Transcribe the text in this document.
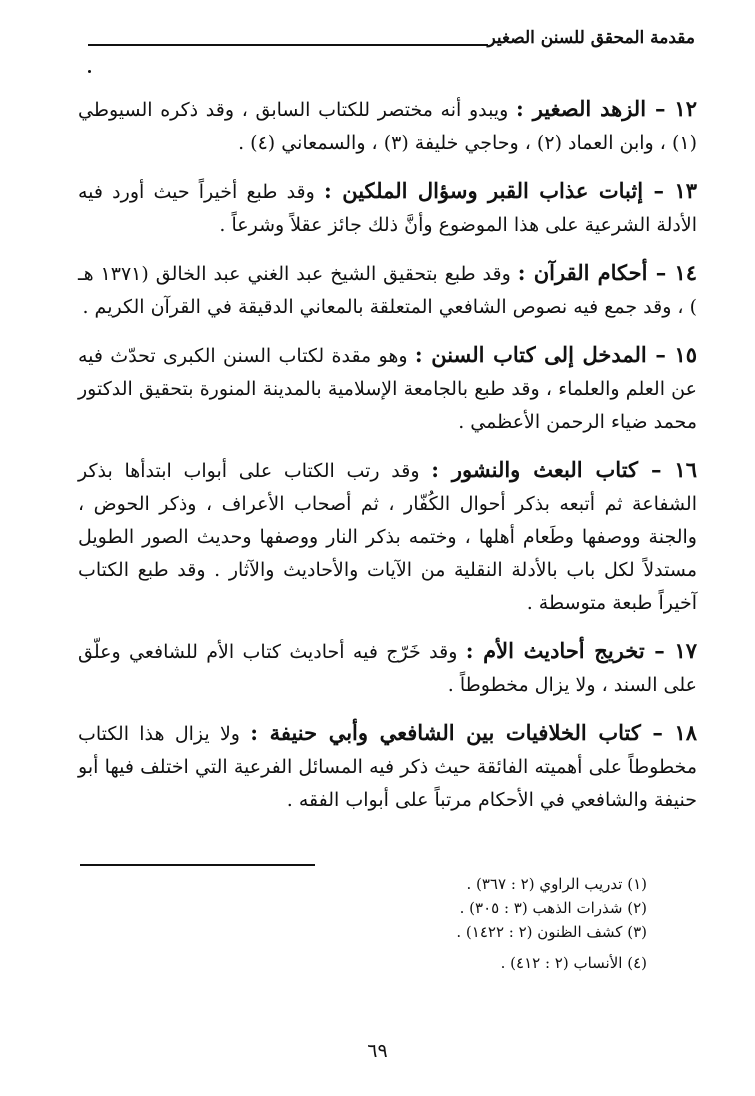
مقدمة المحقق للسنن الصغير

١٢ – الزهد الصغير : ويبدو أنه مختصر للكتاب السابق ، وقد ذكره السيوطي (١) ، وابن العماد (٢) ، وحاجي خليفة (٣) ، والسمعاني (٤) .

١٣ – إثبات عذاب القبر وسؤال الملكين : وقد طبع أخيراً حيث أورد فيه الأدلة الشرعية على هذا الموضوع وأنَّ ذلك جائز عقلاً وشرعاً .

١٤ – أحكام القرآن : وقد طبع بتحقيق الشيخ عبد الغني عبد الخالق (١٣٧١ هـ ) ، وقد جمع فيه نصوص الشافعي المتعلقة بالمعاني الدقيقة في القرآن الكريم .

١٥ – المدخل إلى كتاب السنن : وهو مقدة لكتاب السنن الكبرى تحدّث فيه عن العلم والعلماء ، وقد طبع بالجامعة الإسلامية بالمدينة المنورة بتحقيق الدكتور محمد ضياء الرحمن الأعظمي .

١٦ – كتاب البعث والنشور : وقد رتب الكتاب على أبواب ابتدأها بذكر الشفاعة ثم أتبعه بذكر أحوال الكُفّار ، ثم أصحاب الأعراف ، وذكر الحوض ، والجنة ووصفها وطَعام أهلها ، وختمه بذكر النار ووصفها وحديث الصور الطويل مستدلاً لكل باب بالأدلة النقلية من الآيات والأحاديث والآثار . وقد طبع الكتاب آخيراً طبعة متوسطة .

١٧ – تخريج أحاديث الأم : وقد خَرّج فيه أحاديث كتاب الأم للشافعي وعلّق على السند ، ولا يزال مخطوطاً .

١٨ – كتاب الخلافيات بين الشافعي وأبي حنيفة : ولا يزال هذا الكتاب مخطوطاً على أهميته الفائقة حيث ذكر فيه المسائل الفرعية التي اختلف فيها أبو حنيفة والشافعي في الأحكام مرتباً على أبواب الفقه .

(١) تدريب الراوي (٢ : ٣٦٧) .
(٢) شذرات الذهب (٣ : ٣٠٥) .
(٣) كشف الظنون (٢ : ١٤٢٢) .
(٤) الأنساب (٢ : ٤١٢) .
٦٩
